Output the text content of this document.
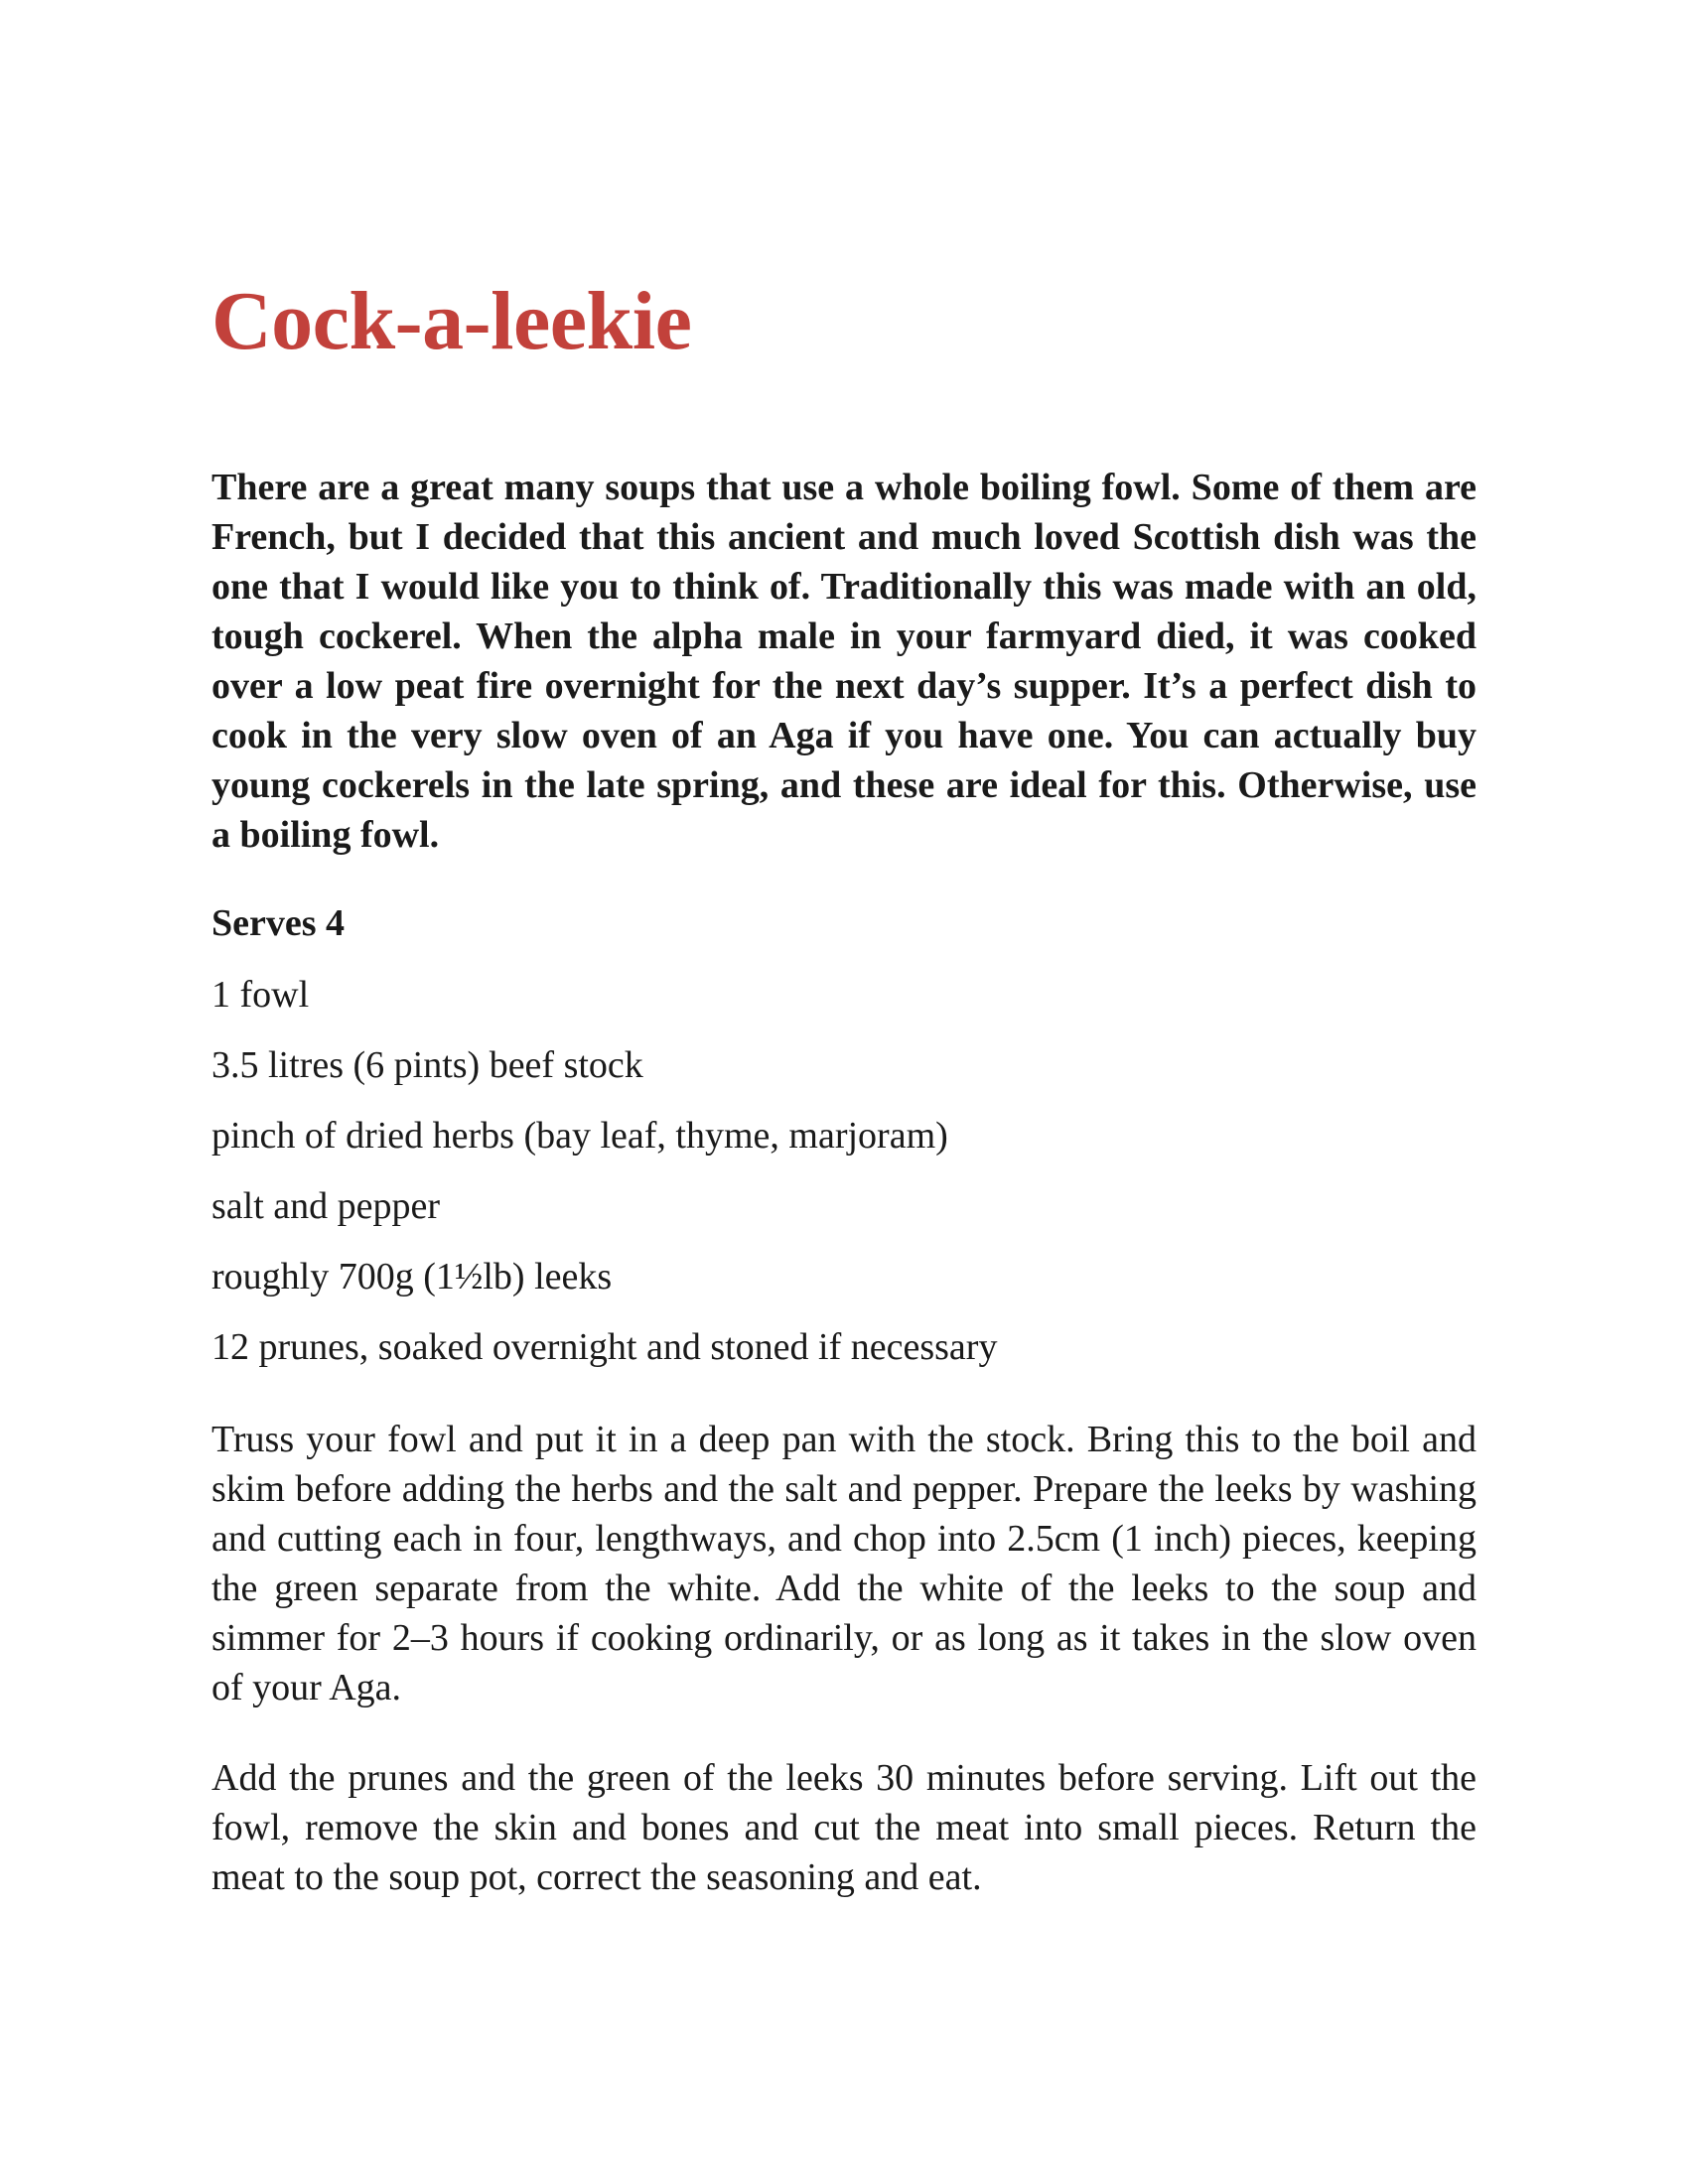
Cock-a-leekie

There are a great many soups that use a whole boiling fowl. Some of them are French, but I decided that this ancient and much loved Scottish dish was the one that I would like you to think of. Traditionally this was made with an old, tough cockerel. When the alpha male in your farmyard died, it was cooked over a low peat fire overnight for the next day’s supper. It’s a perfect dish to cook in the very slow oven of an Aga if you have one. You can actually buy young cockerels in the late spring, and these are ideal for this. Otherwise, use a boiling fowl.

Serves 4

1 fowl
3.5 litres (6 pints) beef stock
pinch of dried herbs (bay leaf, thyme, marjoram)
salt and pepper
roughly 700g (1½lb) leeks
12 prunes, soaked overnight and stoned if necessary

Truss your fowl and put it in a deep pan with the stock. Bring this to the boil and skim before adding the herbs and the salt and pepper. Prepare the leeks by washing and cutting each in four, lengthways, and chop into 2.5cm (1 inch) pieces, keeping the green separate from the white. Add the white of the leeks to the soup and simmer for 2–3 hours if cooking ordinarily, or as long as it takes in the slow oven of your Aga.

Add the prunes and the green of the leeks 30 minutes before serving. Lift out the fowl, remove the skin and bones and cut the meat into small pieces. Return the meat to the soup pot, correct the seasoning and eat.
